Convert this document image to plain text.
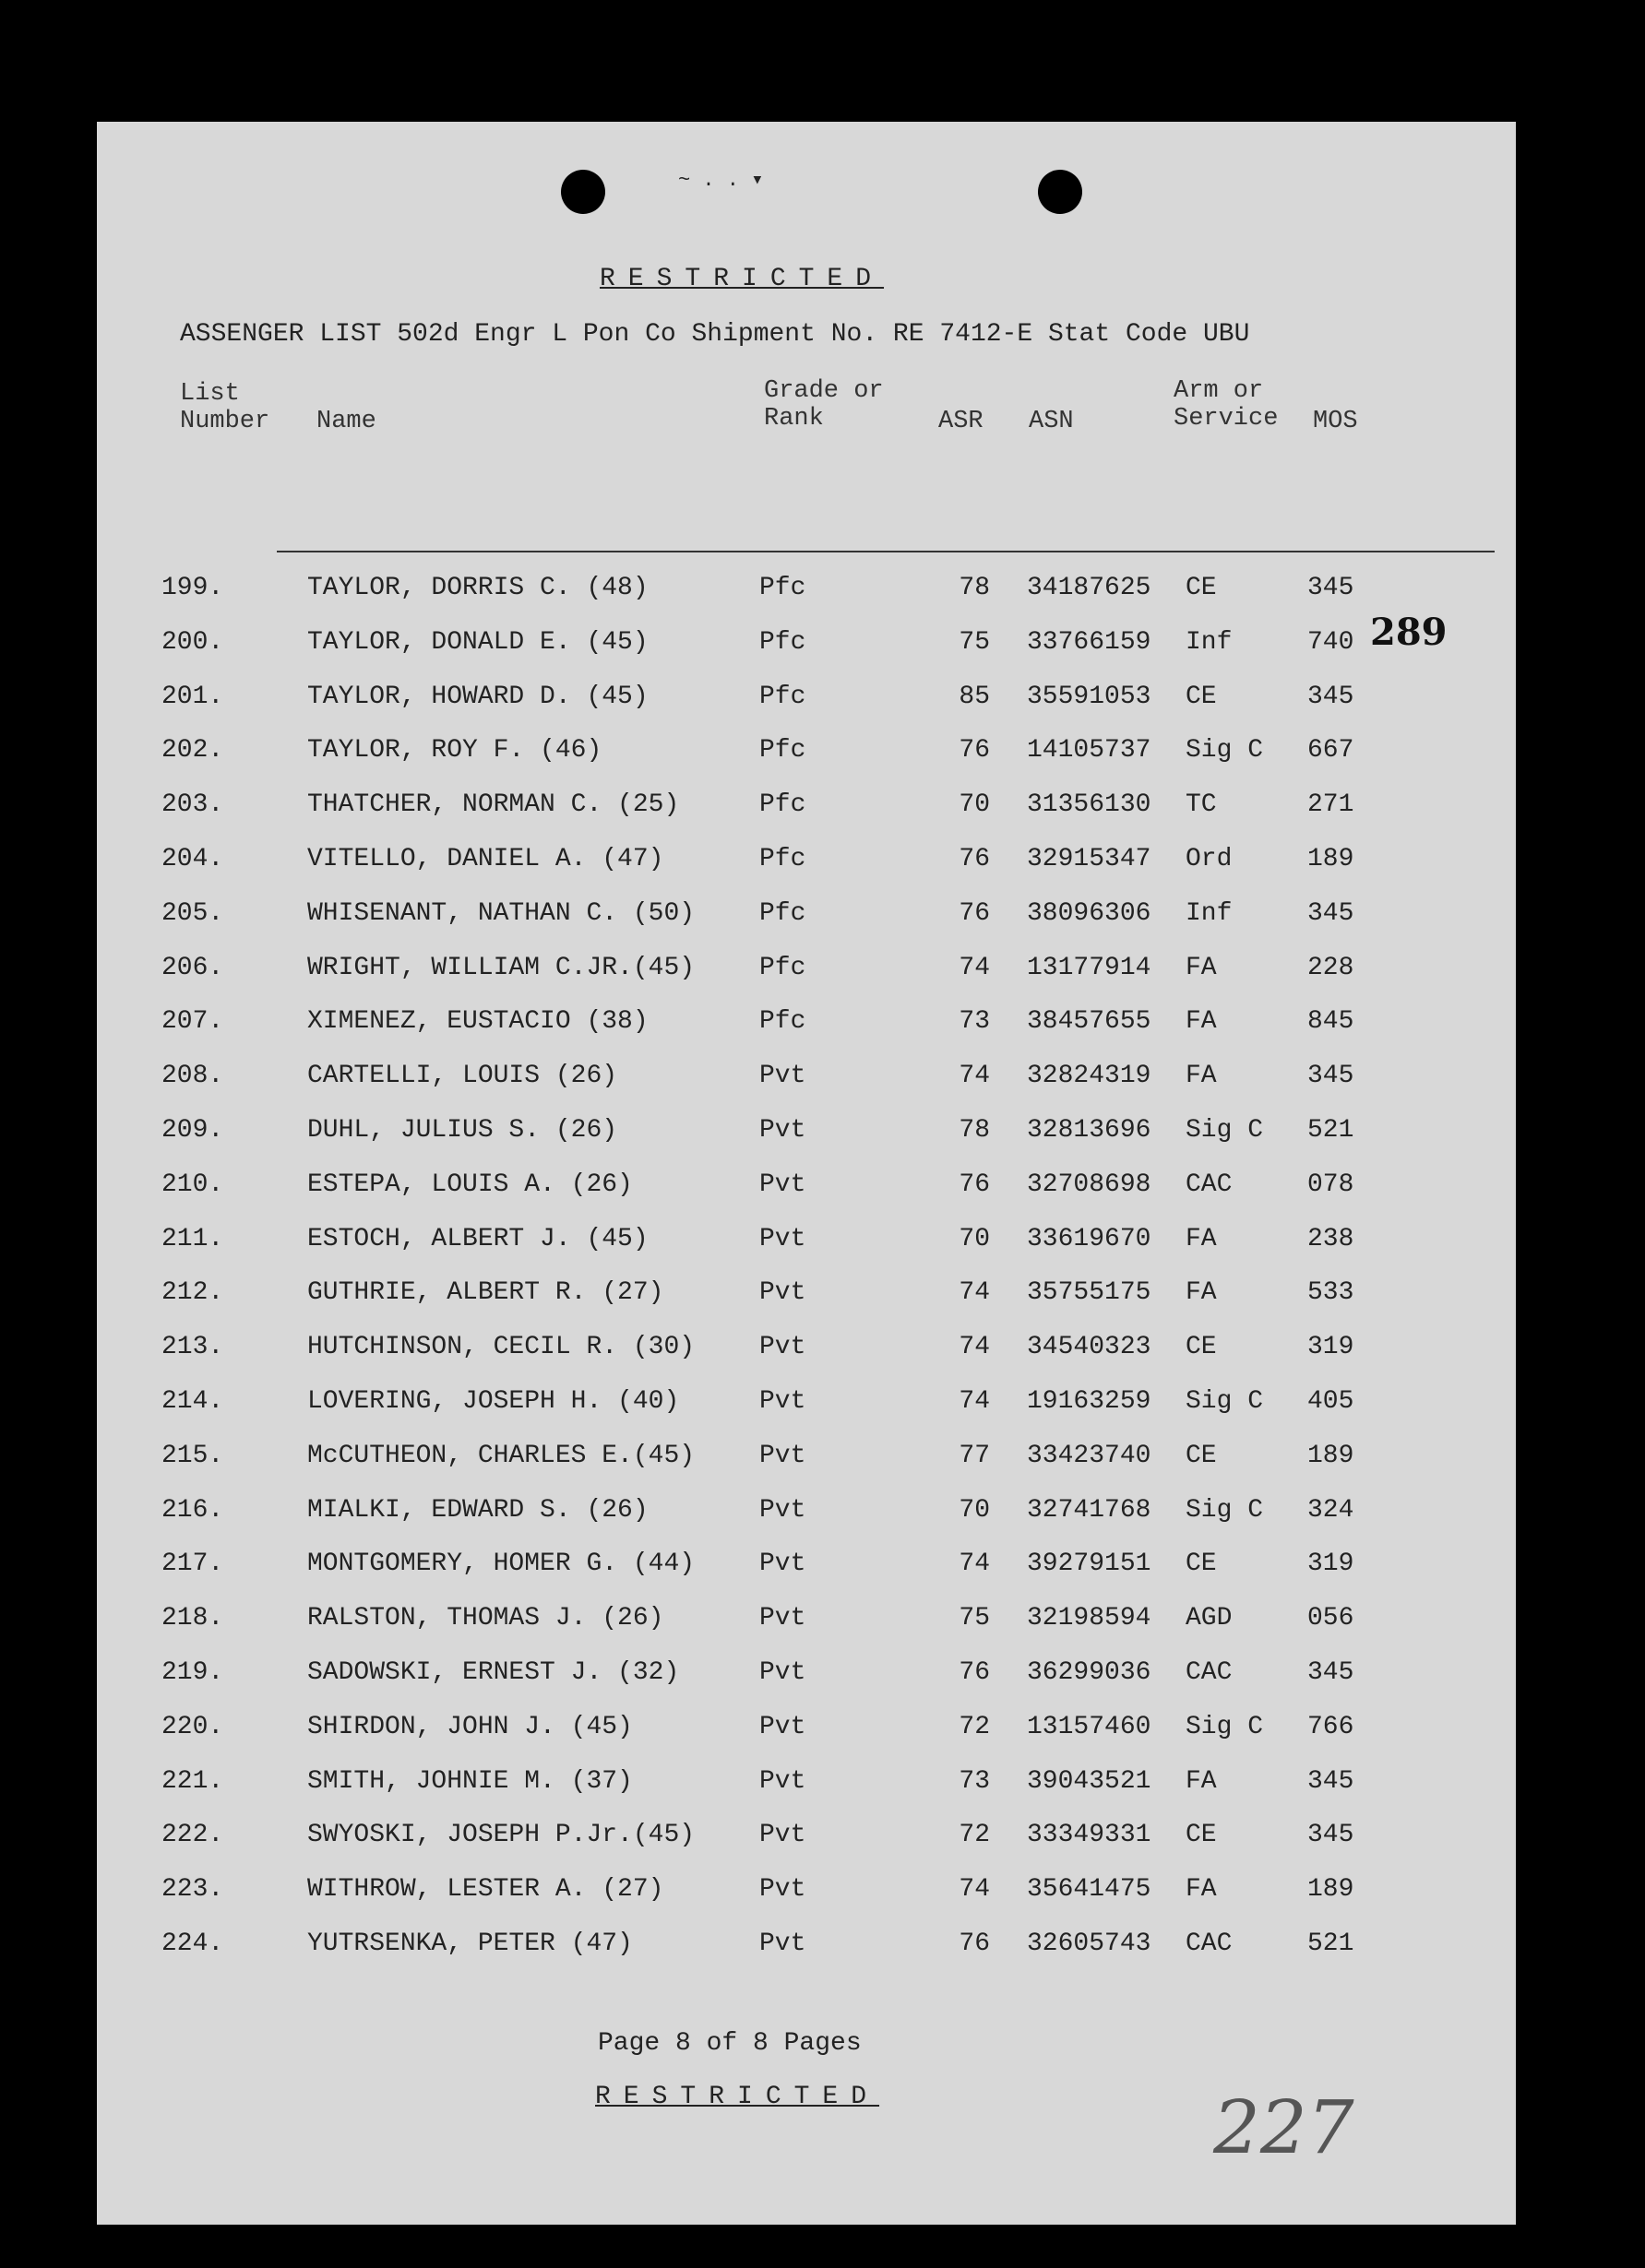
~ . . ▾
RESTRICTED
ASSENGER LIST 502d Engr L Pon Co Shipment No. RE 7412-E Stat Code UBU
List
Number Name
Grade or
Rank	ASR ASN
Arm or
Service MOS
199.	TAYLOR, DORRIS C. (48)	Pfc	78 34187625 CE	345
200.	TAYLOR, DONALD E. (45)	Pfc	75 33766159 Inf	740
201.	TAYLOR, HOWARD D. (45)	Pfc	85 35591053 CE	345
202.	TAYLOR, ROY F. (46)	Pfc	76 14105737 Sig C 667
203.	THATCHER, NORMAN C. (25)	Pfc	70 31356130 TC	271
204.	VITELLO, DANIEL A. (47)	Pfc	76 32915347 Ord	189
205.	WHISENANT, NATHAN C. (50) Pfc	76 38096306 Inf	345
206.	WRIGHT, WILLIAM C.JR.(45) Pfc	74 13177914 FA	228
207.	XIMENEZ, EUSTACIO (38)	Pfc	73 38457655 FA	845
208.	CARTELLI, LOUIS (26)	Pvt	74 32824319 FA	345
209.	DUHL, JULIUS S. (26)	Pvt	78 32813696 Sig C 521
210.	ESTEPA, LOUIS A. (26)	Pvt	76 32708698 CAC	078
211.	ESTOCH, ALBERT J. (45)	Pvt	70 33619670 FA	238
212.	GUTHRIE, ALBERT R. (27)	Pvt	74 35755175 FA	533
213.	HUTCHINSON, CECIL R. (30) Pvt	74 34540323 CE	319
214.	LOVERING, JOSEPH H. (40)	Pvt	74 19163259 Sig C 405
215.	McCUTHEON, CHARLES E.(45) Pvt	77 33423740 CE	189
216.	MIALKI, EDWARD S. (26)	Pvt	70 32741768 Sig C 324
217.	MONTGOMERY, HOMER G. (44) Pvt	74 39279151 CE	319
218.	RALSTON, THOMAS J. (26)	Pvt	75 32198594 AGD	056
219.	SADOWSKI, ERNEST J. (32)	Pvt	76 36299036 CAC	345
220.	SHIRDON, JOHN J. (45)	Pvt	72 13157460 Sig C 766
221.	SMITH, JOHNIE M. (37)	Pvt	73 39043521 FA	345
222.	SWYOSKI, JOSEPH P.Jr.(45) Pvt	72 33349331 CE	345
223.	WITHROW, LESTER A. (27)	Pvt	74 35641475 FA	189
224.	YUTRSENKA, PETER (47)	Pvt	76 32605743 CAC	521
289
Page 8 of 8 Pages
RESTRICTED	227
